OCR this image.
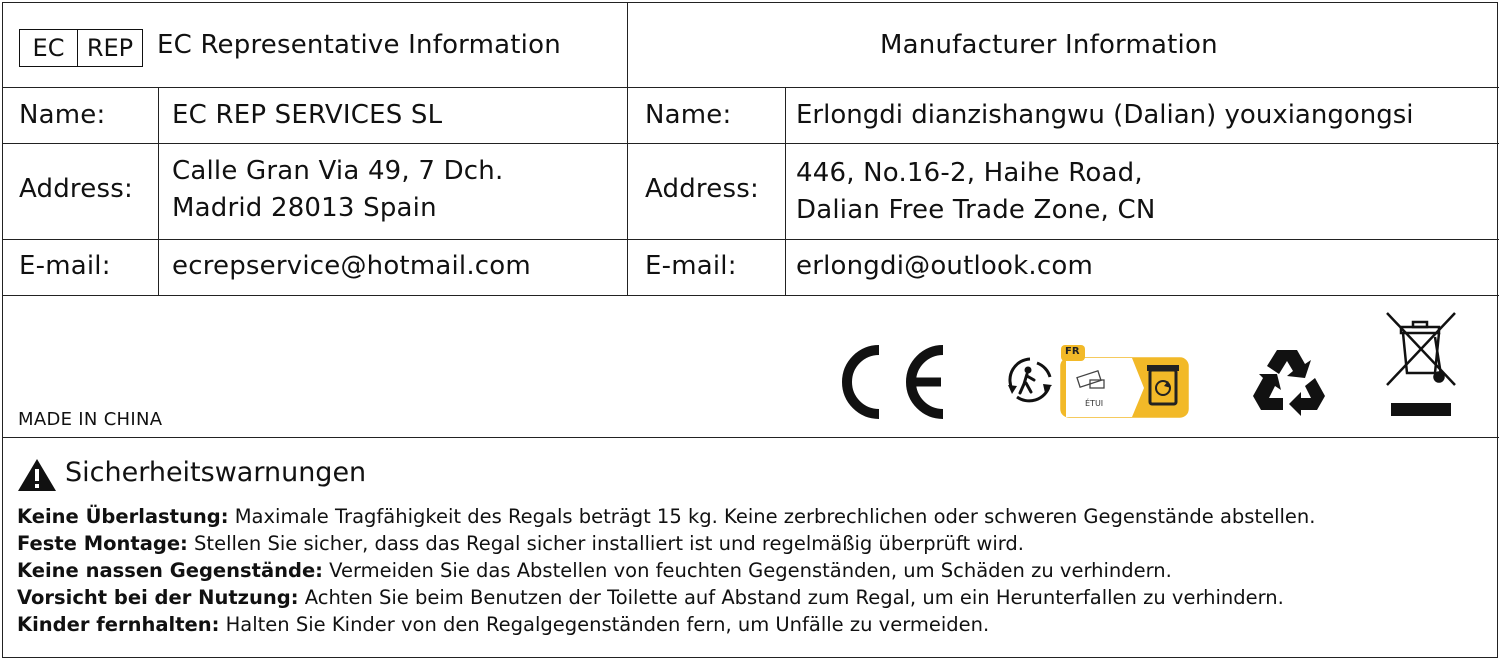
EC REP EC Representative Information	Manufacturer Information
Name:	EC REP SERVICES SL
Address:
Calle Gran Via 49, 7 Dch.
Madrid 28013 Spain
E-mail: ecrepservice@hotmail.com
Name: Erlongdi dianzishangwu (Dalian) youxiangongsi
Address:
446, No.16-2, Haihe Road,
Dalian Free Trade Zone, CN
E-mail: erlongdi@outlook.com
MADE IN CHINA
FR
ÉTUI
Sicherheitswarnungen
Keine Überlastung: Maximale Tragfähigkeit des Regals beträgt 15 kg. Keine zerbrechlichen oder schweren Gegenstände abstellen.
Feste Montage: Stellen Sie sicher, dass das Regal sicher installiert ist und regelmäßig überprüft wird.
Keine nassen Gegenstände: Vermeiden Sie das Abstellen von feuchten Gegenständen, um Schäden zu verhindern.
Vorsicht bei der Nutzung: Achten Sie beim Benutzen der Toilette auf Abstand zum Regal, um ein Herunterfallen zu verhindern.
Kinder fernhalten: Halten Sie Kinder von den Regalgegenständen fern, um Unfälle zu vermeiden.
